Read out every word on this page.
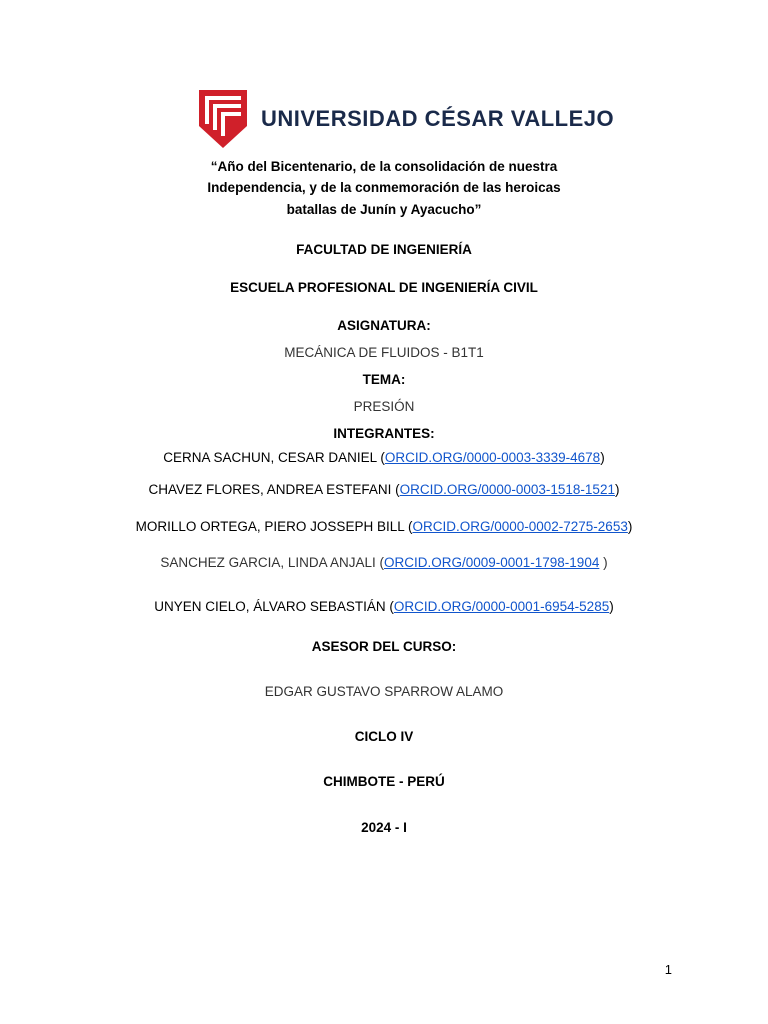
UNIVERSIDAD CÉSAR VALLEJO
“Año del Bicentenario, de la consolidación de nuestra
Independencia, y de la conmemoración de las heroicas
batallas de Junín y Ayacucho”
FACULTAD DE INGENIERÍA
ESCUELA PROFESIONAL DE INGENIERÍA CIVIL
ASIGNATURA:
MECÁNICA DE FLUIDOS - B1T1
TEMA:
PRESIÓN
INTEGRANTES:
CERNA SACHUN, CESAR DANIEL (ORCID.ORG/0000-0003-3339-4678)
CHAVEZ FLORES, ANDREA ESTEFANI (ORCID.ORG/0000-0003-1518-1521)
MORILLO ORTEGA, PIERO JOSSEPH BILL (ORCID.ORG/0000-0002-7275-2653)
SANCHEZ GARCIA, LINDA ANJALI (ORCID.ORG/0009-0001-1798-1904 )
UNYEN CIELO, ÁLVARO SEBASTIÁN (ORCID.ORG/0000-0001-6954-5285)
ASESOR DEL CURSO:
EDGAR GUSTAVO SPARROW ALAMO
CICLO IV
CHIMBOTE - PERÚ
2024 - I
1
